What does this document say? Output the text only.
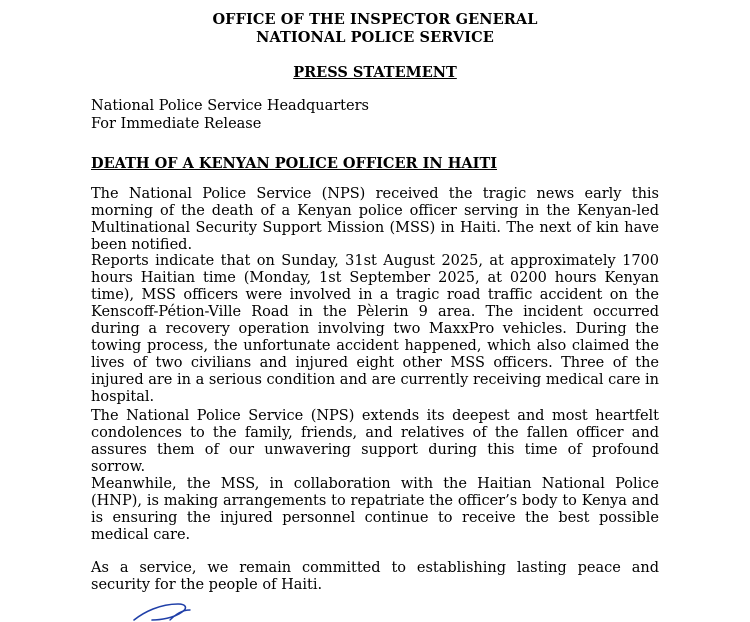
OFFICE OF THE INSPECTOR GENERAL
NATIONAL POLICE SERVICE
PRESS STATEMENT
National Police Service Headquarters
For Immediate Release
DEATH OF A KENYAN POLICE OFFICER IN HAITI
The National Police Service (NPS) received the tragic news early this morning of the death of a Kenyan police officer serving in the Kenyan-led Multinational Security Support Mission (MSS) in Haiti. The next of kin have been notified.
Reports indicate that on Sunday, 31st August 2025, at approximately 1700 hours Haitian time (Monday, 1st September 2025, at 0200 hours Kenyan time), MSS officers were involved in a tragic road traffic accident on the Kenscoff-Pétion-Ville Road in the Pèlerin 9 area. The incident occurred during a recovery operation involving two MaxxPro vehicles. During the towing process, the unfortunate accident happened, which also claimed the lives of two civilians and injured eight other MSS officers. Three of the injured are in a serious condition and are currently receiving medical care in hospital.
The National Police Service (NPS) extends its deepest and most heartfelt condolences to the family, friends, and relatives of the fallen officer and assures them of our unwavering support during this time of profound sorrow.
Meanwhile, the MSS, in collaboration with the Haitian National Police (HNP), is making arrangements to repatriate the officer’s body to Kenya and is ensuring the injured personnel continue to receive the best possible medical care.
As a service, we remain committed to establishing lasting peace and security for the people of Haiti.
